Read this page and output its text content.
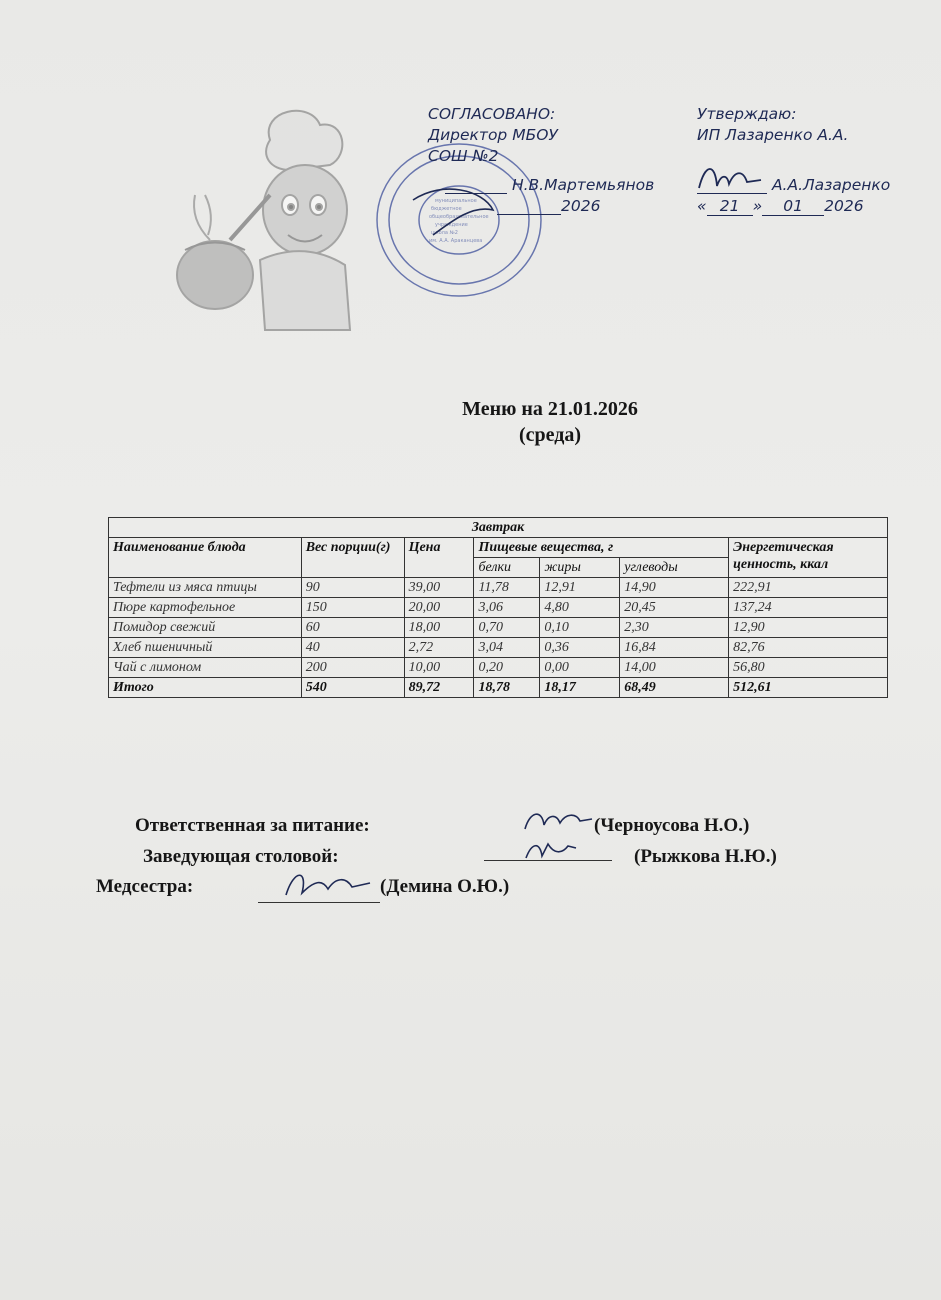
муниципальное
бюджетное
общеобразовательное
учреждение
школа №2
им. А.А. Араканцева
СОГЛАСОВАНО:
Директор МБОУ
СОШ №2
Н.В.Мартемьянов
2026
Утверждаю:
ИП Лазаренко А.А.
А.А.Лазаренко
« 21 » 01 2026
Меню на 21.01.2026
(среда)
Завтрак						
Наименование блюда	Вес порции(г)	Цена	Пищевые вещества, г			Энергетическая ценность, ккал
			белки	жиры	углеводы	
Тефтели из мяса птицы	90	39,00	11,78	12,91	14,90	222,91
Пюре картофельное	150	20,00	3,06	4,80	20,45	137,24
Помидор свежий	60	18,00	0,70	0,10	2,30	12,90
Хлеб пшеничный	40	2,72	3,04	0,36	16,84	82,76
Чай с лимоном	200	10,00	0,20	0,00	14,00	56,80
Итого	540	89,72	18,78	18,17	68,49	512,61
Ответственная за питание:	(Черноусова Н.О.)
Заведующая столовой:	(Рыжкова Н.Ю.)
Медсестра:	(Демина О.Ю.)
